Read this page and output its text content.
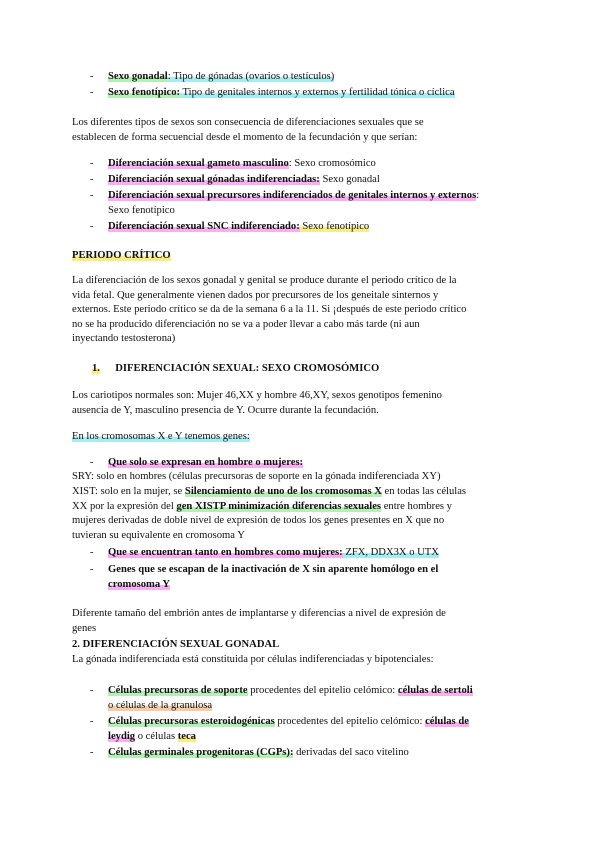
- Sexo gonadal: Tipo de gónadas (ovarios o testículos)
- Sexo fenotípico: Tipo de genitales internos y externos y fertilidad tónica o cíclica
Los diferentes tipos de sexos son consecuencia de diferenciaciones sexuales que se
establecen de forma secuencial desde el momento de la fecundación y que serían:
- Diferenciación sexual gameto masculino: Sexo cromosómico
- Diferenciación sexual gónadas indiferenciadas: Sexo gonadal
- Diferenciación sexual precursores indiferenciados de genitales internos y externos:
Sexo fenotípico
- Diferenciación sexual SNC indiferenciado: Sexo fenotípico
PERIODO CRÍTICO
La diferenciación de los sexos gonadal y genital se produce durante el periodo crítico de la
vida fetal. Que generalmente vienen dados por precursores de los geneitale sinternos y
externos. Este periodo crítico se da de la semana 6 a la 11. Si ¡después de este periodo crítico
no se ha producido diferenciación no se va a poder llevar a cabo más tarde (ni aun
inyectando testosterona)
1. DIFERENCIACIÓN SEXUAL: SEXO CROMOSÓMICO
Los cariotipos normales son: Mujer 46,XX y hombre 46,XY, sexos genotipos femenino
ausencia de Y, masculino presencia de Y. Ocurre durante la fecundación.
En los cromosomas X e Y tenemos genes:
- Que solo se expresan en hombre o mujeres:
SRY: solo en hombres (células precursoras de soporte en la gónada indiferenciada XY)
XIST: solo en la mujer, se Silenciamiento de uno de los cromosomas X en todas las células
XX por la expresión del gen XISTP minimización diferencias sexuales entre hombres y
mujeres derivadas de doble nivel de expresión de todos los genes presentes en X que no
tuvieran su equivalente en cromosoma Y
- Que se encuentran tanto en hombres como mujeres: ZFX, DDX3X o UTX
- Genes que se escapan de la inactivación de X sin aparente homólogo en el
cromosoma Y
Diferente tamaño del embrión antes de implantarse y diferencias a nivel de expresión de
genes
2. DIFERENCIACIÓN SEXUAL GONADAL
La gónada indiferenciada está constituida por células indiferenciadas y bipotenciales:
- Células precursoras de soporte procedentes del epitelio celómico: células de sertoli
o células de la granulosa
- Células precursoras esteroidogénicas procedentes del epitelio celómico: células de
leydig o células teca
- Células germinales progenitoras (CGPs): derivadas del saco vitelino
